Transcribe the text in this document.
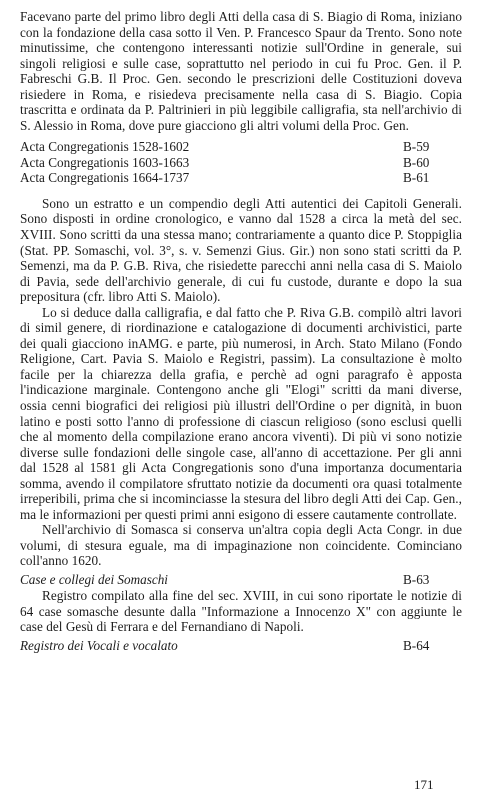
Facevano parte del primo libro degli Atti della casa di S. Biagio di Roma, iniziano con la fondazione della casa sotto il Ven. P. Francesco Spaur da Trento. Sono note minutissime, che contengono interessanti notizie sull'Ordine in generale, sui singoli religiosi e sulle case, soprattutto nel periodo in cui fu Proc. Gen. il P. Fabreschi G.B. Il Proc. Gen. secondo le prescrizioni delle Costituzioni doveva risiedere in Roma, e risiedeva precisamente nella casa di S. Biagio. Copia trascritta e ordinata da P. Paltrinieri in più leggibile calligrafia, sta nell'archivio di S. Alessio in Roma, dove pure giacciono gli altri volumi della Proc. Gen.

Acta Congregationis 1528-1602	B-59
Acta Congregationis 1603-1663	B-60
Acta Congregationis 1664-1737	B-61

Sono un estratto e un compendio degli Atti autentici dei Capitoli Generali. Sono disposti in ordine cronologico, e vanno dal 1528 a circa la metà del sec. XVIII. Sono scritti da una stessa mano; contrariamente a quanto dice P. Stoppiglia (Stat. PP. Somaschi, vol. 3°, s. v. Semenzi Gius. Gir.) non sono stati scritti da P. Semenzi, ma da P. G.B. Riva, che risiedette parecchi anni nella casa di S. Maiolo di Pavia, sede dell'archivio generale, di cui fu custode, durante e dopo la sua prepositura (cfr. libro Atti S. Maiolo).

Lo si deduce dalla calligrafia, e dal fatto che P. Riva G.B. compilò altri lavori di simil genere, di riordinazione e catalogazione di documenti archivistici, parte dei quali giacciono inAMG. e parte, più numerosi, in Arch. Stato Milano (Fondo Religione, Cart. Pavia S. Maiolo e Registri, passim). La consultazione è molto facile per la chiarezza della grafia, e perchè ad ogni paragrafo è apposta l'indicazione marginale. Contengono anche gli "Elogi" scritti da mani diverse, ossia cenni biografici dei religiosi più illustri dell'Ordine o per dignità, in buon latino e posti sotto l'anno di professione di ciascun religioso (sono esclusi quelli che al momento della compilazione erano ancora viventi). Di più vi sono notizie diverse sulle fondazioni delle singole case, all'anno di accettazione. Per gli anni dal 1528 al 1581 gli Acta Congregationis sono d'una importanza documentaria somma, avendo il compilatore sfruttato notizie da documenti ora quasi totalmente irreperibili, prima che si incominciasse la stesura del libro degli Atti dei Cap. Gen., ma le informazioni per questi primi anni esigono di essere cautamente controllate.

Nell'archivio di Somasca si conserva un'altra copia degli Acta Congr. in due volumi, di stesura eguale, ma di impaginazione non coincidente. Cominciano coll'anno 1620.

Case e collegi dei Somaschi	B-63

Registro compilato alla fine del sec. XVIII, in cui sono riportate le notizie di 64 case somasche desunte dalla "Informazione a Innocenzo X" con aggiunte le case del Gesù di Ferrara e del Fernandiano di Napoli.

Registro dei Vocali e vocalato	B-64
171
